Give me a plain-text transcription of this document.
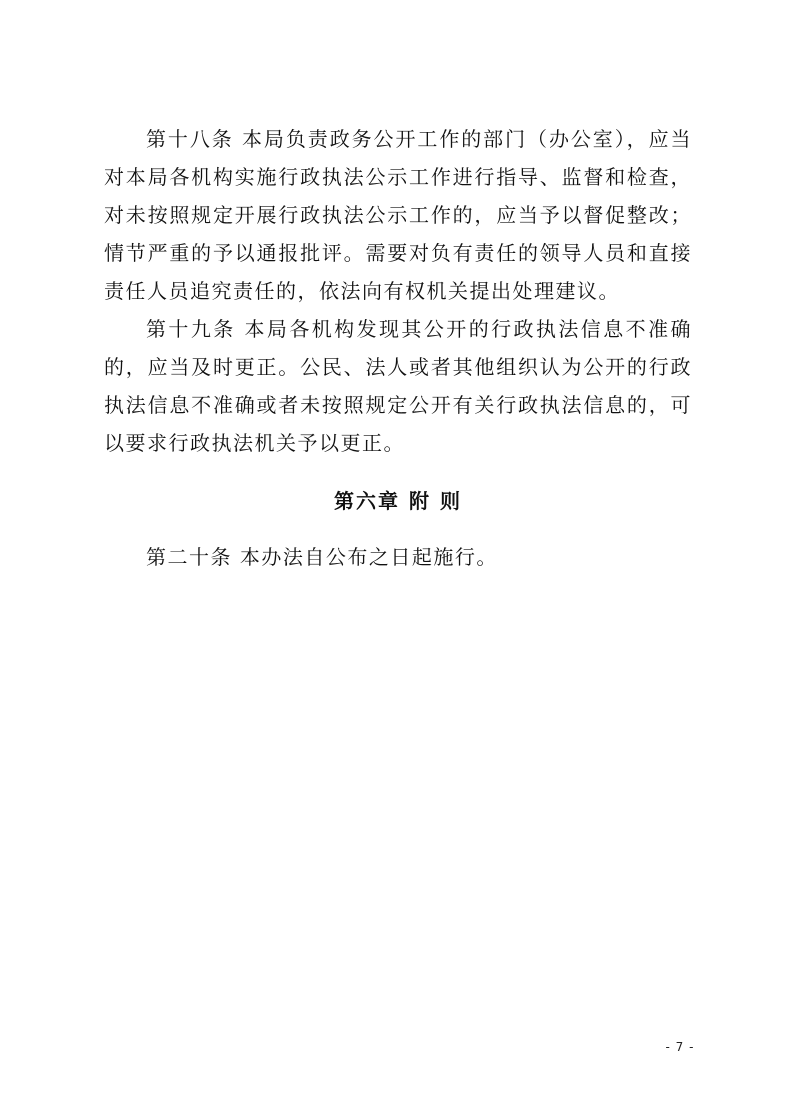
第十八条 本局负责政务公开工作的部门（办公室），应当对本局各机构实施行政执法公示工作进行指导、监督和检查，对未按照规定开展行政执法公示工作的，应当予以督促整改；情节严重的予以通报批评。需要对负有责任的领导人员和直接责任人员追究责任的，依法向有权机关提出处理建议。

第十九条 本局各机构发现其公开的行政执法信息不准确的，应当及时更正。公民、法人或者其他组织认为公开的行政执法信息不准确或者未按照规定公开有关行政执法信息的，可以要求行政执法机关予以更正。

第六章 附 则

第二十条 本办法自公布之日起施行。

- 7 -
